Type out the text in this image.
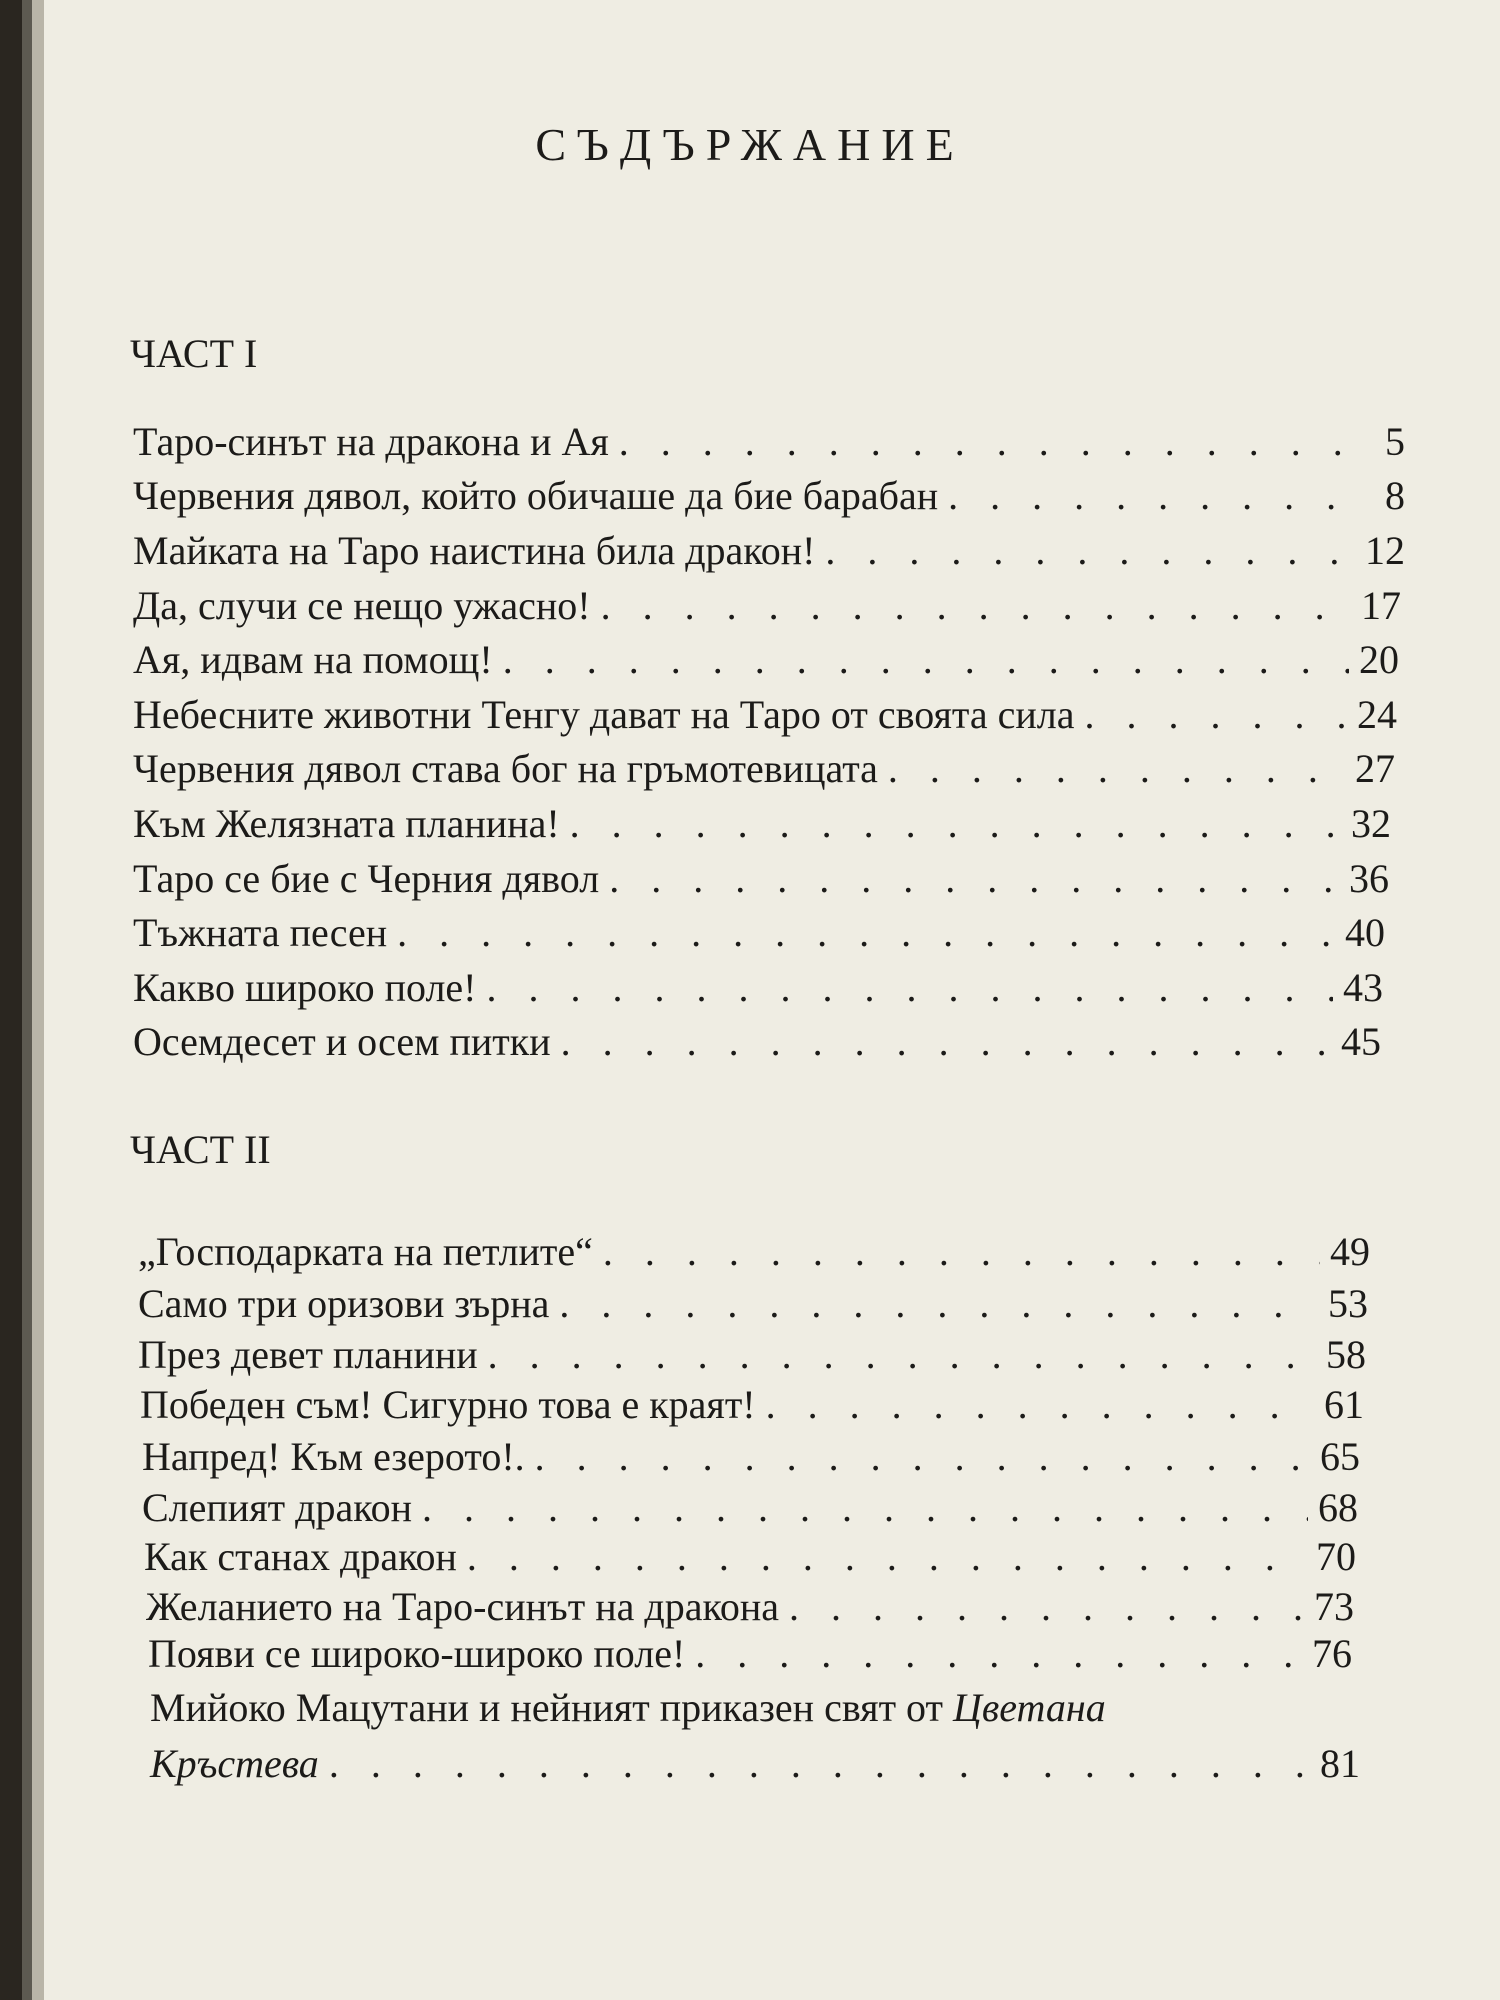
СЪДЪРЖАНИЕ
ЧАСТ I
ЧАСТ II
Таро-синът на дракона и Ая . . .	5
Червения дявол, който обичаше да бие барабан . . .	8
Майката на Таро наистина била дракон! . . .	12
Да, случи се нещо ужасно! . . .	17
Ая, идвам на помощ! . . .	20
Небесните животни Тенгу дават на Таро от своята сила . . .	24
Червения дявол става бог на гръмотевицата . . .	27
Към Желязната планина! . . .	32
Таро се бие с Черния дявол . . .	36
Тъжната песен . . .	40
Какво широко поле! . . .	43
Осемдесет и осем питки . . .	45
„Господарката на петлите“ . . .	49
Само три оризови зърна . . .	53
През девет планини . . .	58
Победен съм! Сигурно това е краят! . . .	61
Напред! Към езерото!. . . .	65
Слепият дракон . . .	68
Как станах дракон . . .	70
Желанието на Таро-синът на дракона . . .	73
Появи се широко-широко поле! . . .	76
Мийоко Мацутани и нейният приказен свят от Цветана
Кръстева . . .	81
